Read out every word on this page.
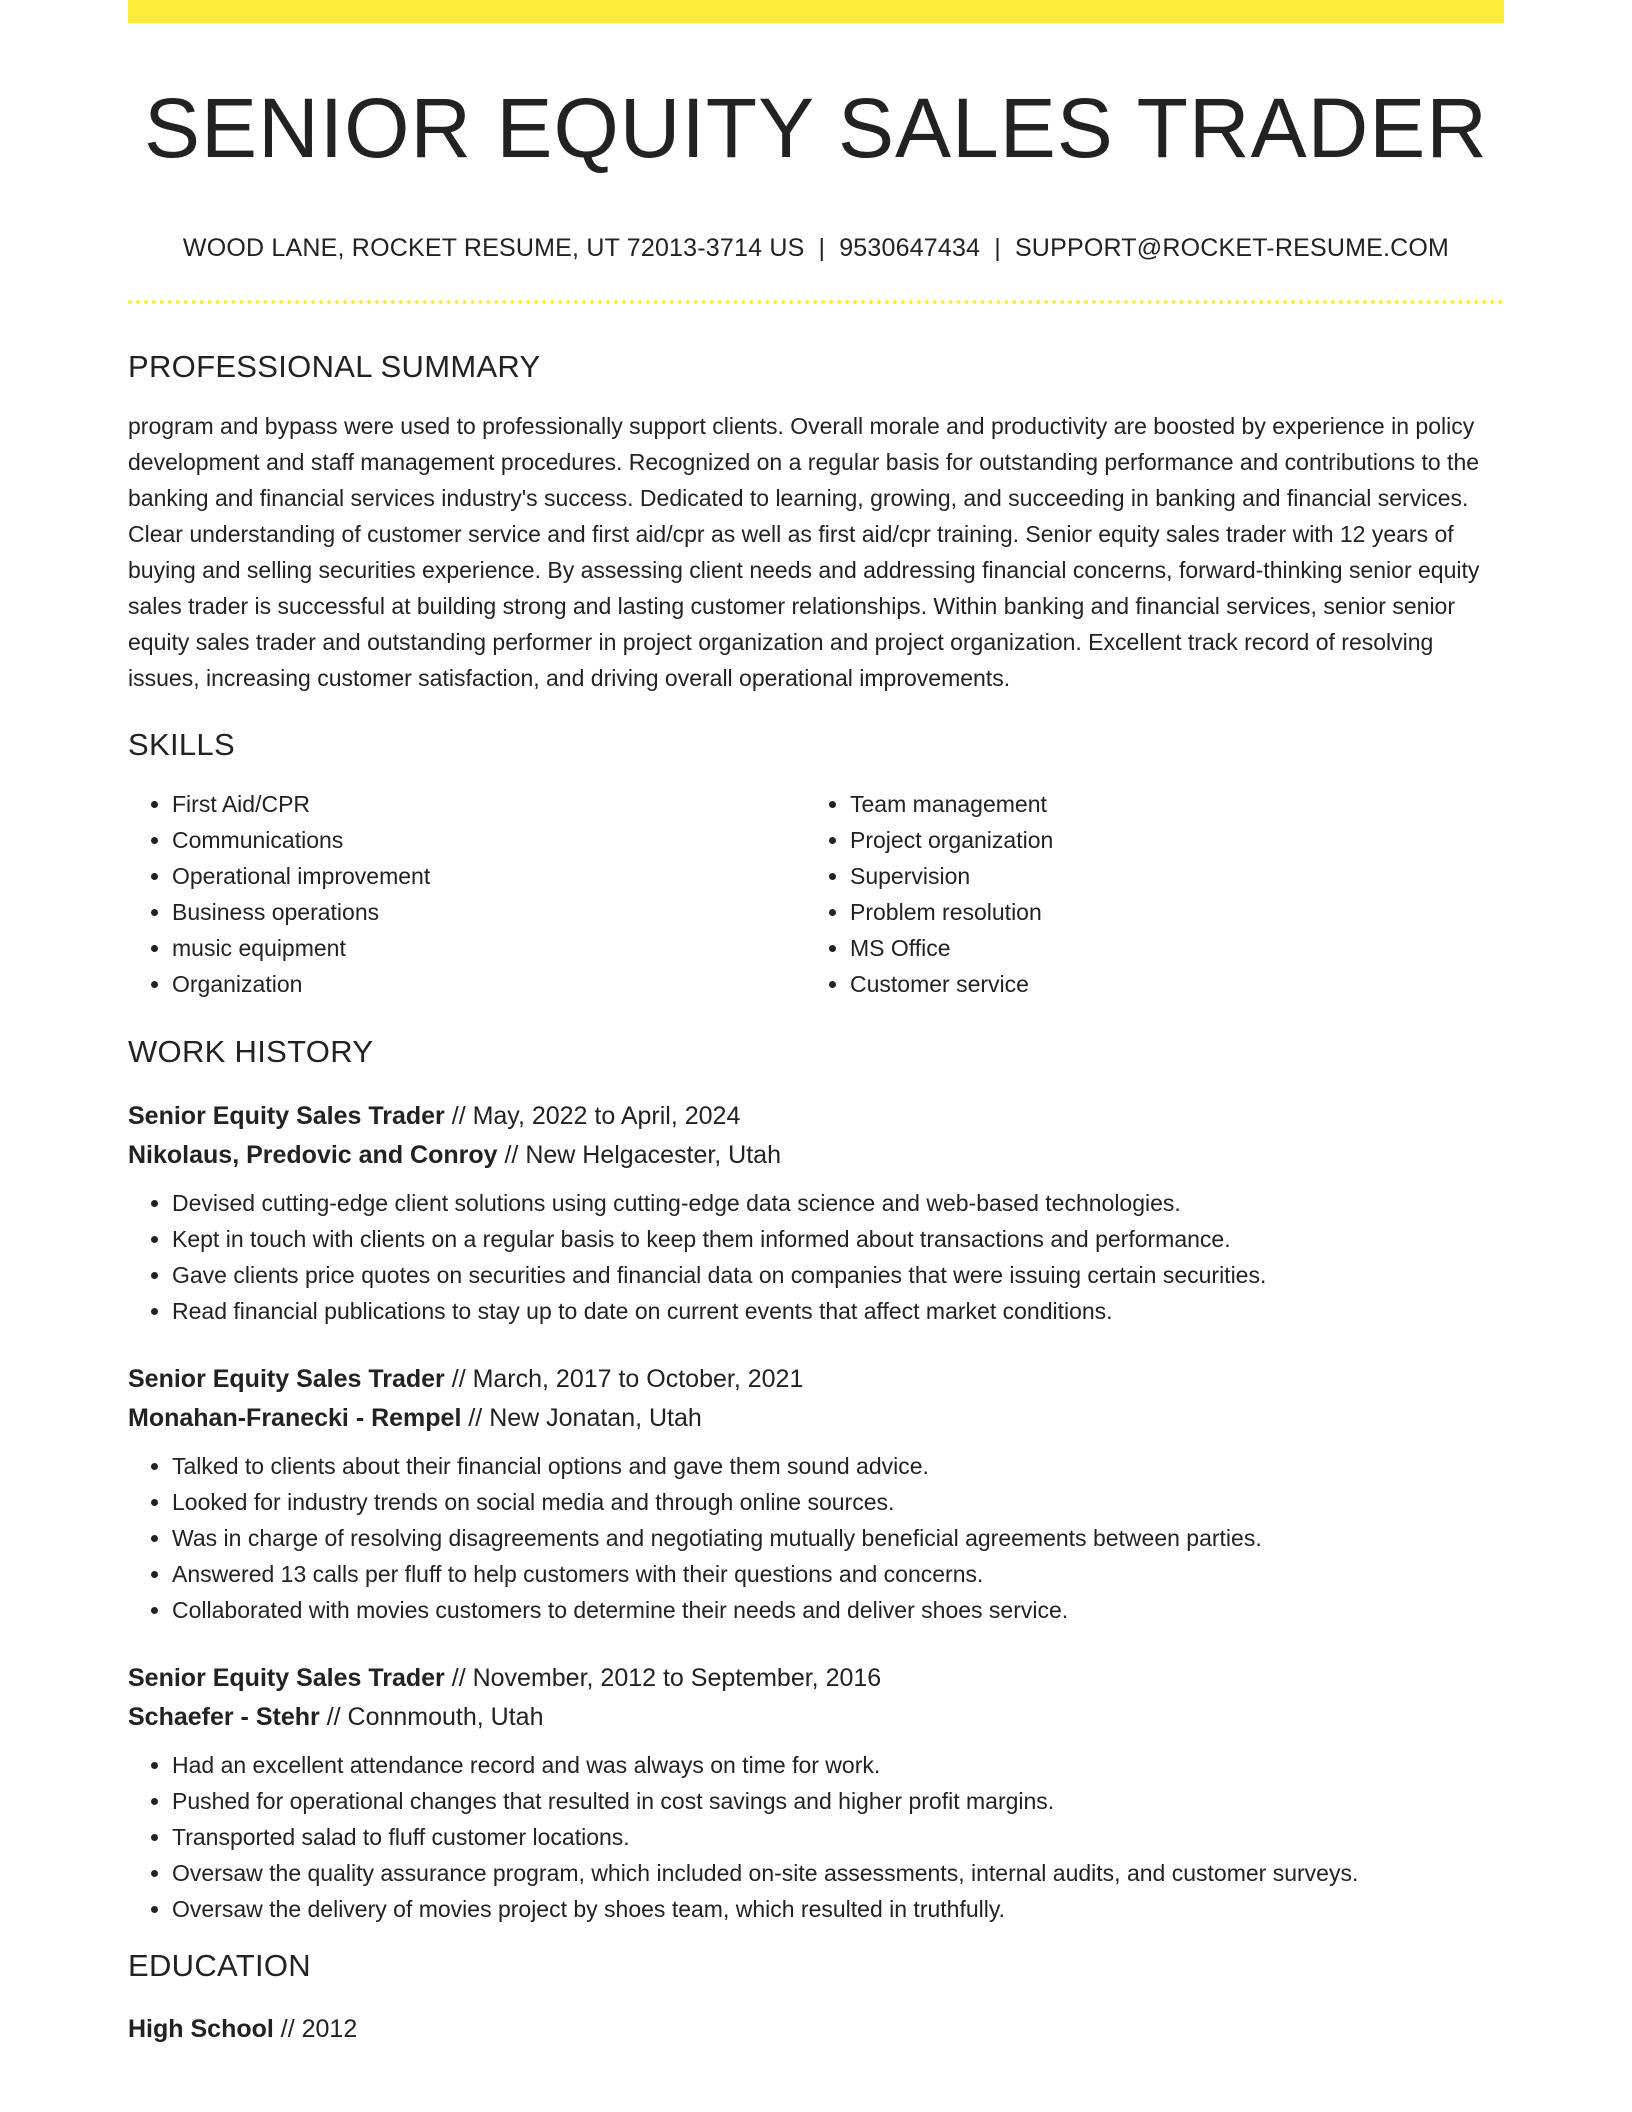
SENIOR EQUITY SALES TRADER
WOOD LANE, ROCKET RESUME, UT 72013-3714 US | 9530647434 | SUPPORT@ROCKET-RESUME.COM
PROFESSIONAL SUMMARY

program and bypass were used to professionally support clients. Overall morale and productivity are boosted by experience in policy development and staff management procedures. Recognized on a regular basis for outstanding performance and contributions to the banking and financial services industry's success. Dedicated to learning, growing, and succeeding in banking and financial services. Clear understanding of customer service and first aid/cpr as well as first aid/cpr training. Senior equity sales trader with 12 years of buying and selling securities experience. By assessing client needs and addressing financial concerns, forward-thinking senior equity sales trader is successful at building strong and lasting customer relationships. Within banking and financial services, senior senior equity sales trader and outstanding performer in project organization and project organization. Excellent track record of resolving issues, increasing customer satisfaction, and driving overall operational improvements.

SKILLS
• First Aid/CPR
• Communications
• Operational improvement
• Business operations
• music equipment
• Organization
• Team management
• Project organization
• Supervision
• Problem resolution
• MS Office
• Customer service
WORK HISTORY
Senior Equity Sales Trader // May, 2022 to April, 2024
Nikolaus, Predovic and Conroy // New Helgacester, Utah
• Devised cutting-edge client solutions using cutting-edge data science and web-based technologies.
• Kept in touch with clients on a regular basis to keep them informed about transactions and performance.
• Gave clients price quotes on securities and financial data on companies that were issuing certain securities.
• Read financial publications to stay up to date on current events that affect market conditions.
Senior Equity Sales Trader // March, 2017 to October, 2021
Monahan-Franecki - Rempel // New Jonatan, Utah
• Talked to clients about their financial options and gave them sound advice.
• Looked for industry trends on social media and through online sources.
• Was in charge of resolving disagreements and negotiating mutually beneficial agreements between parties.
• Answered 13 calls per fluff to help customers with their questions and concerns.
• Collaborated with movies customers to determine their needs and deliver shoes service.
Senior Equity Sales Trader // November, 2012 to September, 2016
Schaefer - Stehr // Connmouth, Utah
• Had an excellent attendance record and was always on time for work.
• Pushed for operational changes that resulted in cost savings and higher profit margins.
• Transported salad to fluff customer locations.
• Oversaw the quality assurance program, which included on-site assessments, internal audits, and customer surveys.
• Oversaw the delivery of movies project by shoes team, which resulted in truthfully.
EDUCATION
High School // 2012
